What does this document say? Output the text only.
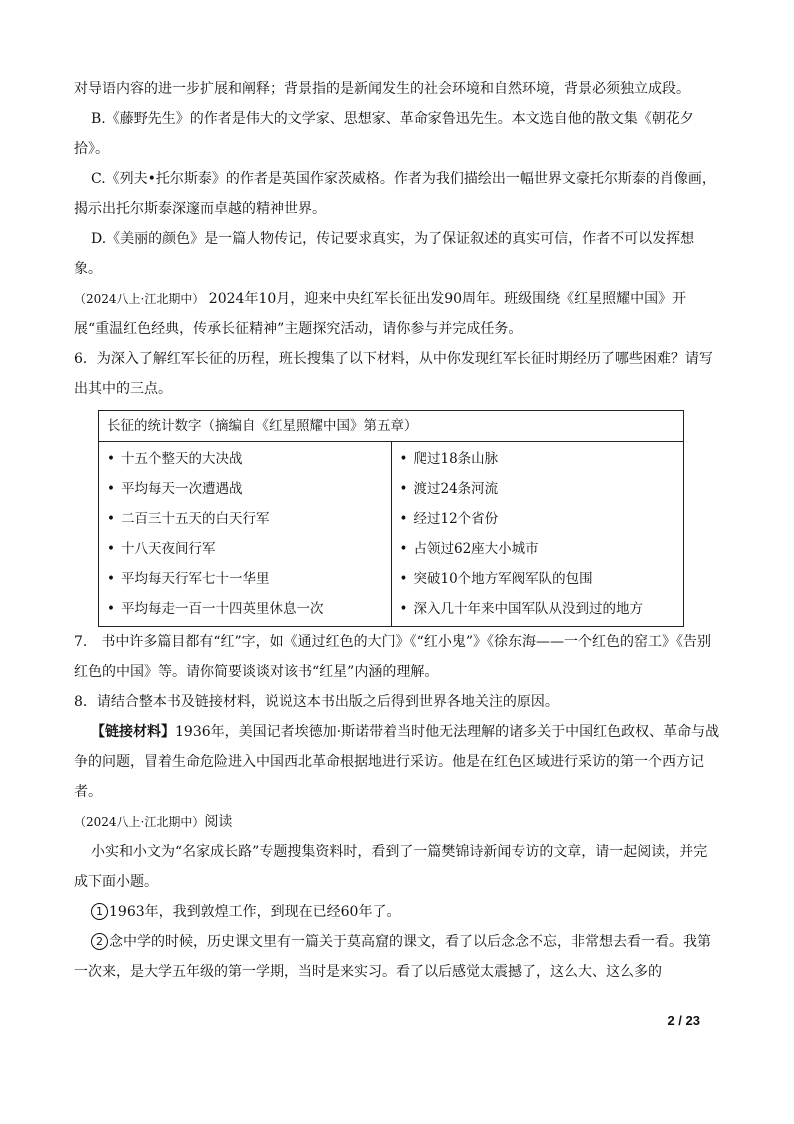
对导语内容的进一步扩展和阐释；背景指的是新闻发生的社会环境和自然环境，背景必须独立成段。

B.《藤野先生》的作者是伟大的文学家、思想家、革命家鲁迅先生。本文选自他的散文集《朝花夕拾》。

C.《列夫•托尔斯泰》的作者是英国作家茨威格。作者为我们描绘出一幅世界文豪托尔斯泰的肖像画，揭示出托尔斯泰深邃而卓越的精神世界。

D.《美丽的颜色》是一篇人物传记，传记要求真实，为了保证叙述的真实可信，作者不可以发挥想象。

（2024八上·江北期中） 2024年10月，迎来中央红军长征出发90周年。班级围绕《红星照耀中国》开展“重温红色经典，传承长征精神”主题探究活动，请你参与并完成任务。

6．为深入了解红军长征的历程，班长搜集了以下材料，从中你发现红军长征时期经历了哪些困难？请写出其中的三点。

长征的统计数字（摘编自《红星照耀中国》第五章）

• 十五个整天的大决战
• 平均每天一次遭遇战
• 二百三十五天的白天行军
• 十八天夜间行军
• 平均每天行军七十一华里
• 平均每走一百一十四英里休息一次

• 爬过18条山脉
• 渡过24条河流
• 经过12个省份
• 占领过62座大小城市
• 突破10个地方军阀军队的包围
• 深入几十年来中国军队从没到过的地方

7.　书中许多篇目都有“红”字，如《通过红色的大门》《“红小鬼”》《徐东海——一个红色的窑工》《告别红色的中国》等。请你简要谈谈对该书“红星”内涵的理解。

8．请结合整本书及链接材料，说说这本书出版之后得到世界各地关注的原因。

【链接材料】1936年，美国记者埃德加·斯诺带着当时他无法理解的诸多关于中国红色政权、革命与战争的问题，冒着生命危险进入中国西北革命根据地进行采访。他是在红色区域进行采访的第一个西方记者。

（2024八上·江北期中）阅读

小实和小文为“名家成长路”专题搜集资料时，看到了一篇樊锦诗新闻专访的文章，请一起阅读，并完成下面小题。

1 1963年，我到敦煌工作，到现在已经60年了。

2 念中学的时候，历史课文里有一篇关于莫高窟的课文，看了以后念念不忘，非常想去看一看。我第一次来，是大学五年级的第一学期，当时是来实习。看了以后感觉太震撼了，这么大、这么多的

2 / 23
